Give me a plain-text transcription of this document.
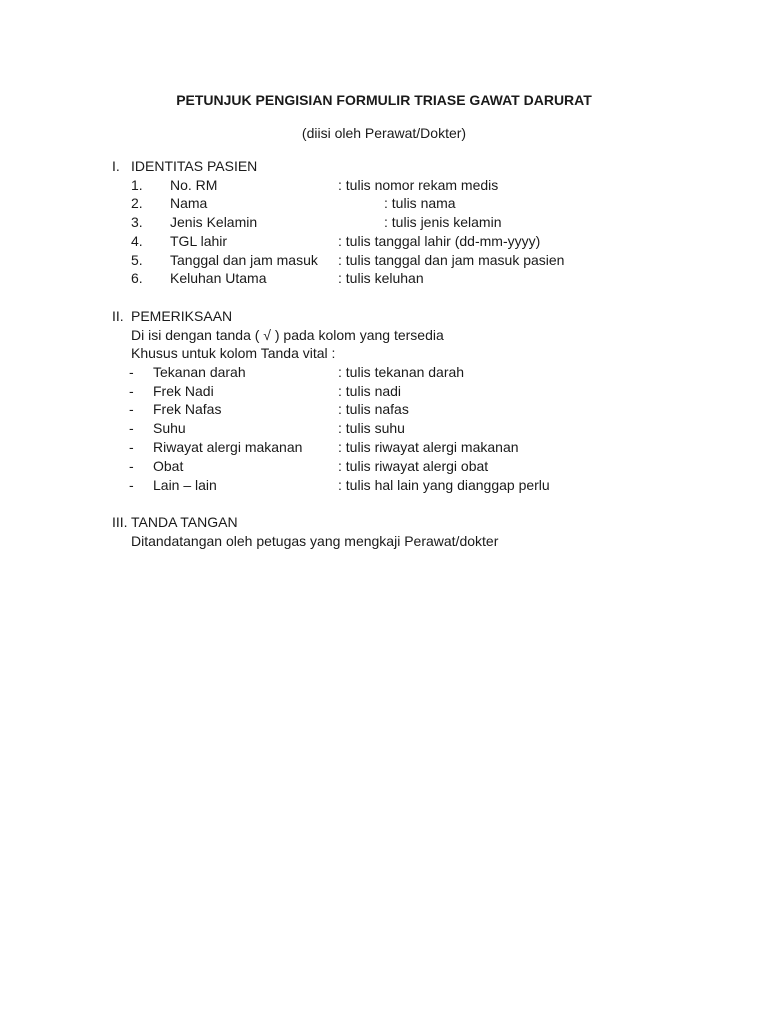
PETUNJUK PENGISIAN FORMULIR TRIASE GAWAT DARURAT
(diisi oleh Perawat/Dokter)
I. IDENTITAS PASIEN
1. No. RM	: tulis nomor rekam medis
2. Nama	: tulis nama
3. Jenis Kelamin	: tulis jenis kelamin
4. TGL lahir	: tulis tanggal lahir (dd-mm-yyyy)
5. Tanggal dan jam masuk : tulis tanggal dan jam masuk pasien
6. Keluhan Utama	: tulis keluhan
II. PEMERIKSAAN
Di isi dengan tanda ( √ ) pada kolom yang tersedia
Khusus untuk kolom Tanda vital :
- Tekanan darah	: tulis tekanan darah
- Frek Nadi	: tulis nadi
- Frek Nafas	: tulis nafas
- Suhu	: tulis suhu
- Riwayat alergi makanan	: tulis riwayat alergi makanan
- Obat	: tulis riwayat alergi obat
- Lain – lain	: tulis hal lain yang dianggap perlu
III. TANDA TANGAN
Ditandatangan oleh petugas yang mengkaji Perawat/dokter
